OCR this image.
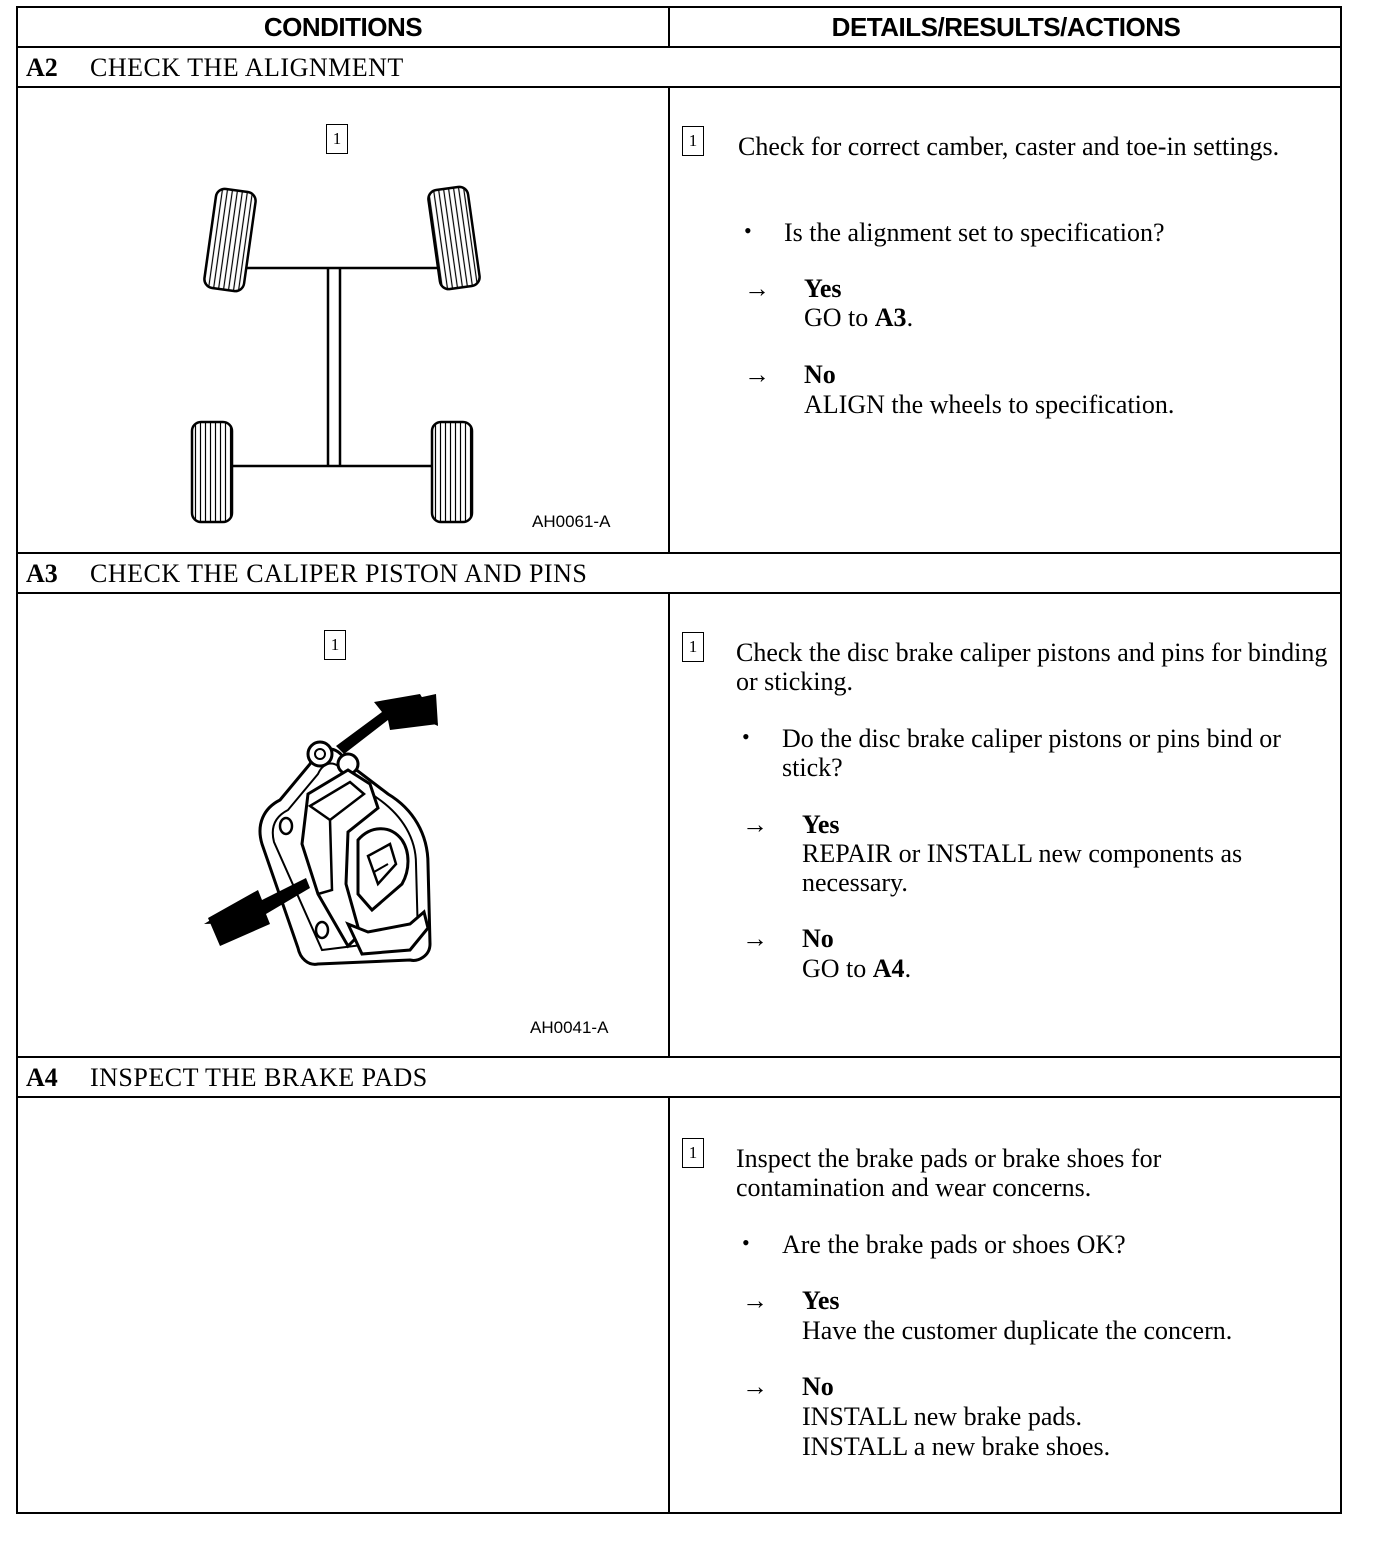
CONDITIONS	DETAILS/RESULTS/ACTIONS
A2 CHECK THE ALIGNMENT
1
AH0061-A
1 Check for correct camber, caster and toe-in settings.
• Is the alignment set to specification?
→ Yes
GO to A3.
→ No
ALIGN the wheels to specification.
A3 CHECK THE CALIPER PISTON AND PINS
1
AH0041-A
1 Check the disc brake caliper pistons and pins for binding or sticking.
• Do the disc brake caliper pistons or pins bind or stick?
→ Yes
REPAIR or INSTALL new components as necessary.
→ No
GO to A4.
A4 INSPECT THE BRAKE PADS
1 Inspect the brake pads or brake shoes for contamination and wear concerns.
• Are the brake pads or shoes OK?
→ Yes
Have the customer duplicate the concern.
→ No
INSTALL new brake pads.
INSTALL a new brake shoes.
